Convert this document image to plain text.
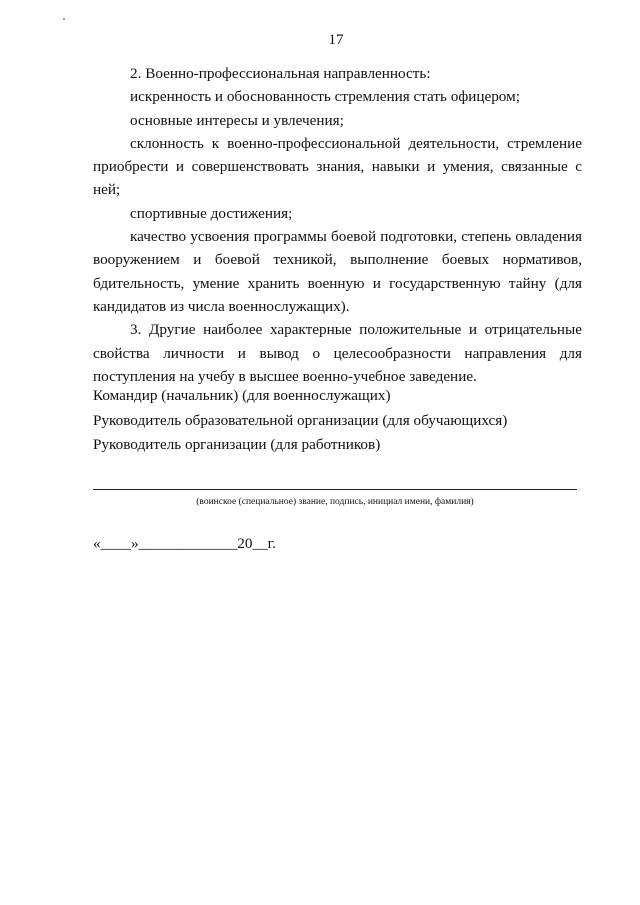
17

2. Военно-профессиональная направленность:

искренность и обоснованность стремления стать офицером;

основные интересы и увлечения;

склонность к военно-профессиональной деятельности, стремление приобрести и совершенствовать знания, навыки и умения, связанные с ней;

спортивные достижения;

качество усвоения программы боевой подготовки, степень овладения вооружением и боевой техникой, выполнение боевых нормативов, бдительность, умение хранить военную и государственную тайну (для кандидатов из числа военнослужащих).

3. Другие наиболее характерные положительные и отрицательные свойства личности и вывод о целесообразности направления для поступления на учебу в высшее военно-учебное заведение.

Командир (начальник) (для военнослужащих)
Руководитель образовательной организации (для обучающихся)
Руководитель организации (для работников)
(воинское (специальное) звание, подпись, инициал имени, фамилия)
«____»_____________20__г.
